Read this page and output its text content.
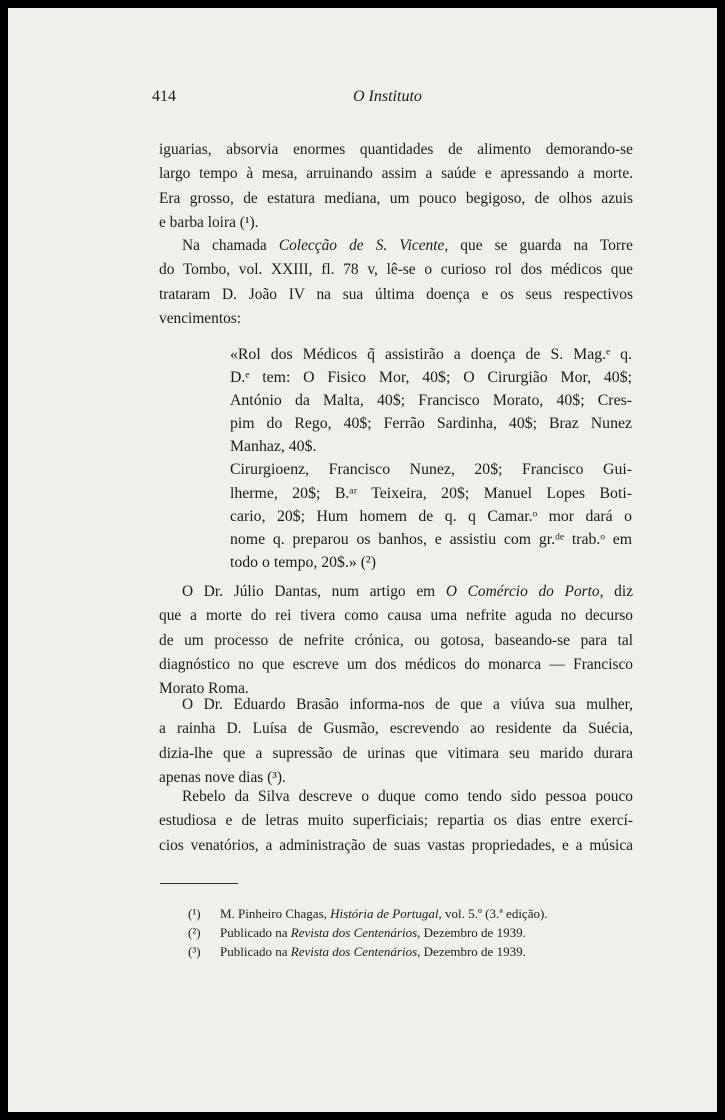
414	O Instituto
iguarias, absorvia enormes quantidades de alimento demorando-se
largo tempo à mesa, arruinando assim a saúde e apressando a morte.
Era grosso, de estatura mediana, um pouco begigoso, de olhos azuis
e barba loira (¹).
Na chamada Colecção de S. Vicente, que se guarda na Torre
do Tombo, vol. XXIII, fl. 78 v, lê-se o curioso rol dos médicos que
trataram D. João IV na sua última doença e os seus respectivos
vencimentos:
«Rol dos Médicos q̃ assistirão a doença de S. Mag.ᵉ q.
D.ᵉ tem: O Fisico Mor, 40$; O Cirurgião Mor, 40$;
António da Malta, 40$; Francisco Morato, 40$; Cres-
pim do Rego, 40$; Ferrão Sardinha, 40$; Braz Nunez
Manhaz, 40$.
Cirurgioenz, Francisco Nunez, 20$; Francisco Gui-
lherme, 20$; B.ᵃʳ Teixeira, 20$; Manuel Lopes Boti-
cario, 20$; Hum homem de q. q Camar.ᵒ mor dará o
nome q. preparou os banhos, e assistiu com gr.ᵈᵉ trab.ᵒ em
todo o tempo, 20$.» (²)
O Dr. Júlio Dantas, num artigo em O Comércio do Porto, diz
que a morte do rei tivera como causa uma nefrite aguda no decurso
de um processo de nefrite crónica, ou gotosa, baseando-se para tal
diagnóstico no que escreve um dos médicos do monarca — Francisco
Morato Roma.
O Dr. Eduardo Brasão informa-nos de que a viúva sua mulher,
a rainha D. Luísa de Gusmão, escrevendo ao residente da Suécia,
dizia-lhe que a supressão de urinas que vitimara seu marido durara
apenas nove dias (³).
Rebelo da Silva descreve o duque como tendo sido pessoa pouco
estudiosa e de letras muito superficiais; repartia os dias entre exercí-
cios venatórios, a administração de suas vastas propriedades, e a música
(¹) M. Pinheiro Chagas, História de Portugal, vol. 5.º (3.ª edição).
(²) Publicado na Revista dos Centenários, Dezembro de 1939.
(³) Publicado na Revista dos Centenários, Dezembro de 1939.
